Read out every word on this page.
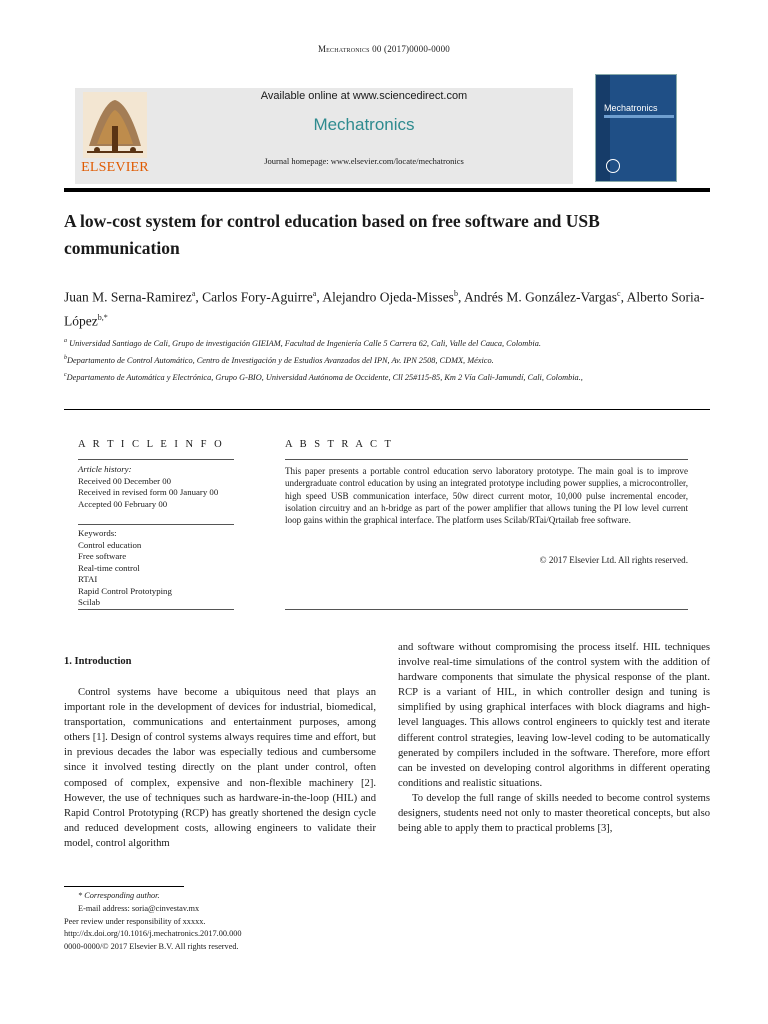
Mechatronics 00 (2017)0000-0000
ELSEVIER
Available online at www.sciencedirect.com
Mechatronics
Journal homepage: www.elsevier.com/locate/mechatronics
Mechatronics
A low-cost system for control education based on free software and USB communication
Juan M. Serna-Ramirez$^a$, Carlos Fory-Aguirre$^a$, Alejandro Ojeda-Misses$^b$, Andrés M. González-Vargas$^c$, Alberto Soria-López$^{b,*}$
$^a$ Universidad Santiago de Cali, Grupo de investigación GIEIAM, Facultad de Ingeniería Calle 5 Carrera 62, Cali, Valle del Cauca, Colombia.
$^b$Departamento de Control Automático, Centro de Investigación y de Estudios Avanzados del IPN, Av. IPN 2508, CDMX, México.
$^c$Departamento de Automática y Electrónica, Grupo G-BIO, Universidad Autónoma de Occidente, Cll 25#115-85, Km 2 Vía Cali-Jamundí, Cali, Colombia.,
A R T I C L E I N F O
Article history:
Received 00 December 00
Received in revised form 00 January 00
Accepted 00 February 00
Keywords:
Control education
Free software
Real-time control
RTAI
Rapid Control Prototyping
Scilab
A B S T R A C T
This paper presents a portable control education servo laboratory prototype. The main goal is to improve undergraduate control education by using an integrated prototype including power supplies, a microcontroller, high speed USB communication interface, 50w direct current motor, 10,000 pulse incremental encoder, isolation circuitry and an h-bridge as part of the power amplifier that allows tuning the PI low level current loop gains within the graphical interface. The platform uses Scilab/RTai/Qrtailab free software.
© 2017 Elsevier Ltd. All rights reserved.
1. Introduction

Control systems have become a ubiquitous need that plays an important role in the development of devices for industrial, biomedical, transportation, communications and entertainment purposes, among others [1]. Design of control systems always requires time and effort, but in previous decades the labor was especially tedious and cumbersome since it involved testing directly on the plant under control, often composed of complex, expensive and non-flexible machinery [2]. However, the use of techniques such as hardware-in-the-loop (HIL) and Rapid Control Prototyping (RCP) has greatly shortened the design cycle and reduced development costs, allowing engineers to validate their model, control algorithm

and software without compromising the process itself. HIL techniques involve real-time simulations of the control system with the addition of hardware components that simulate the physical response of the plant. RCP is a variant of HIL, in which controller design and tuning is simplified by using graphical interfaces with block diagrams and high-level languages. This allows control engineers to quickly test and iterate different control strategies, leaving low-level coding to be automatically generated by compilers included in the software. Therefore, more effort can be invested on developing control algorithms in different operating conditions and realistic situations.

To develop the full range of skills needed to become control systems designers, students need not only to master theoretical concepts, but also being able to apply them to practical problems [3],

* Corresponding author.
E-mail address: soria@cinvestav.mx
Peer review under responsibility of xxxxx.
http://dx.doi.org/10.1016/j.mechatronics.2017.00.000
0000-0000/© 2017 Elsevier B.V. All rights reserved.
